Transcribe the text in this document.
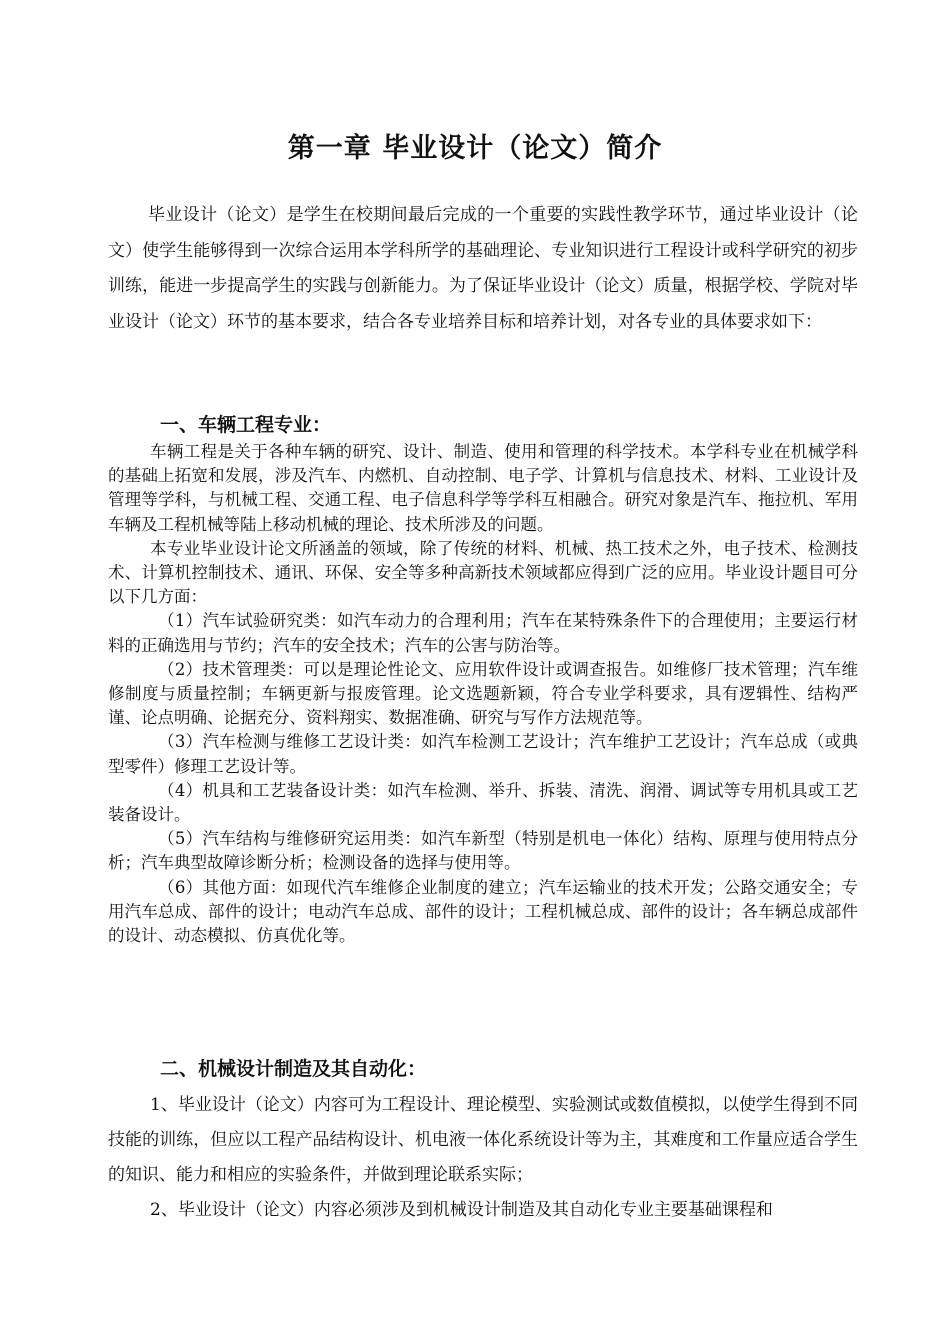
第一章 毕业设计（论文）简介

毕业设计（论文）是学生在校期间最后完成的一个重要的实践性教学环节，通过毕业设计（论文）使学生能够得到一次综合运用本学科所学的基础理论、专业知识进行工程设计或科学研究的初步训练，能进一步提高学生的实践与创新能力。为了保证毕业设计（论文）质量，根据学校、学院对毕业设计（论文）环节的基本要求，结合各专业培养目标和培养计划，对各专业的具体要求如下：

一、车辆工程专业：

车辆工程是关于各种车辆的研究、设计、制造、使用和管理的科学技术。本学科专业在机械学科的基础上拓宽和发展，涉及汽车、内燃机、自动控制、电子学、计算机与信息技术、材料、工业设计及管理等学科，与机械工程、交通工程、电子信息科学等学科互相融合。研究对象是汽车、拖拉机、军用车辆及工程机械等陆上移动机械的理论、技术所涉及的问题。

本专业毕业设计论文所涵盖的领域，除了传统的材料、机械、热工技术之外，电子技术、检测技术、计算机控制技术、通讯、环保、安全等多种高新技术领域都应得到广泛的应用。毕业设计题目可分以下几方面：

（1）汽车试验研究类：如汽车动力的合理利用；汽车在某特殊条件下的合理使用；主要运行材料的正确选用与节约；汽车的安全技术；汽车的公害与防治等。

（2）技术管理类：可以是理论性论文、应用软件设计或调查报告。如维修厂技术管理；汽车维修制度与质量控制；车辆更新与报废管理。论文选题新颖，符合专业学科要求，具有逻辑性、结构严谨、论点明确、论据充分、资料翔实、数据准确、研究与写作方法规范等。

（3）汽车检测与维修工艺设计类：如汽车检测工艺设计；汽车维护工艺设计；汽车总成（或典型零件）修理工艺设计等。

（4）机具和工艺装备设计类：如汽车检测、举升、拆装、清洗、润滑、调试等专用机具或工艺装备设计。

（5）汽车结构与维修研究运用类：如汽车新型（特别是机电一体化）结构、原理与使用特点分析；汽车典型故障诊断分析；检测设备的选择与使用等。

（6）其他方面：如现代汽车维修企业制度的建立；汽车运输业的技术开发；公路交通安全；专用汽车总成、部件的设计；电动汽车总成、部件的设计；工程机械总成、部件的设计；各车辆总成部件的设计、动态模拟、仿真优化等。

二、机械设计制造及其自动化：

1、毕业设计（论文）内容可为工程设计、理论模型、实验测试或数值模拟，以使学生得到不同技能的训练，但应以工程产品结构设计、机电液一体化系统设计等为主，其难度和工作量应适合学生的知识、能力和相应的实验条件，并做到理论联系实际；

2、毕业设计（论文）内容必须涉及到机械设计制造及其自动化专业主要基础课程和
